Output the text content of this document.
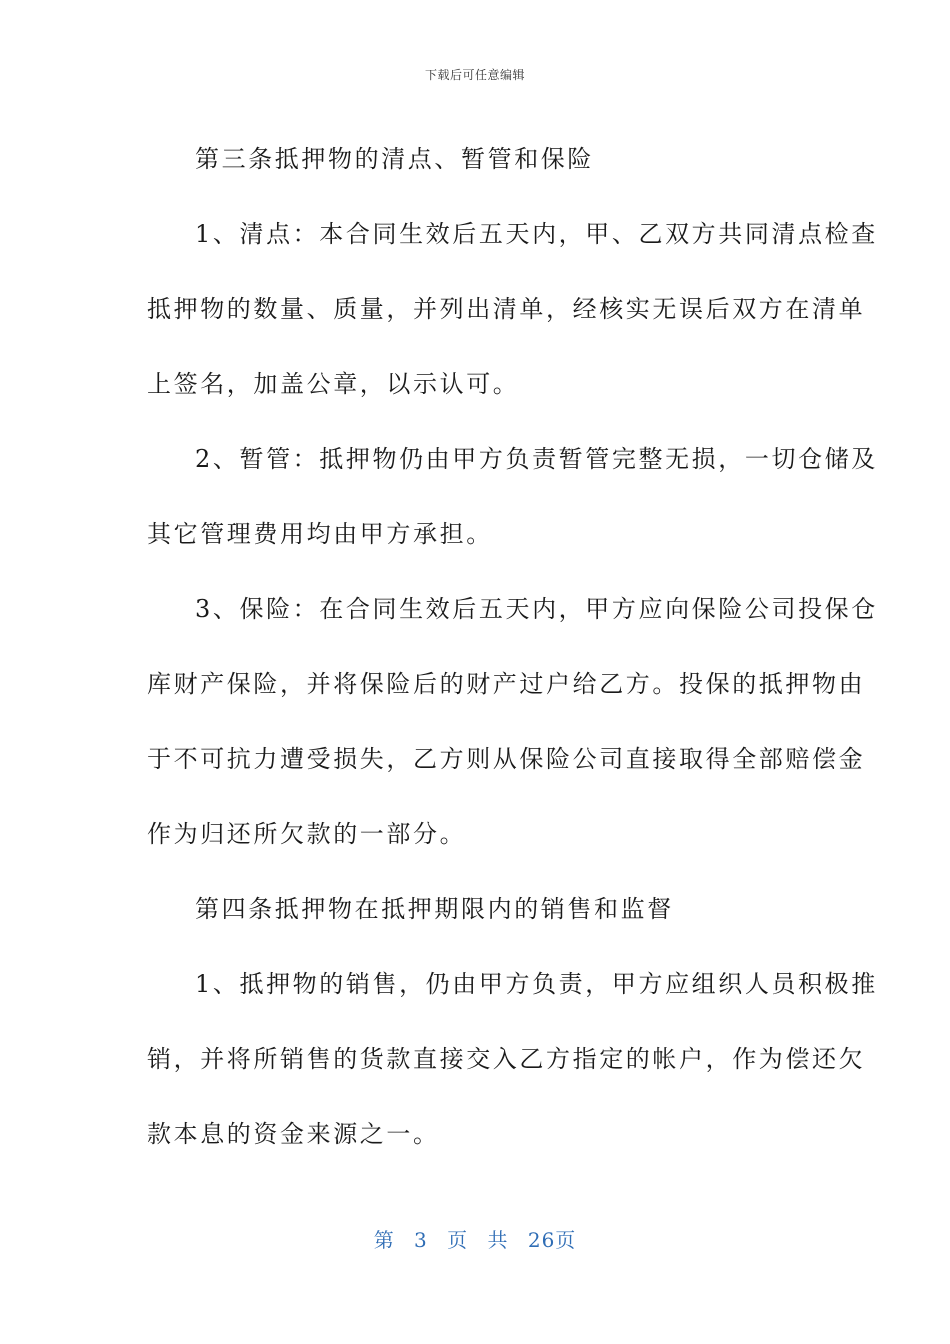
下载后可任意编辑

第三条抵押物的清点、暂管和保险

1、清点：本合同生效后五天内，甲、乙双方共同清点检查

抵押物的数量、质量，并列出清单，经核实无误后双方在清单

上签名，加盖公章，以示认可。

2、暂管：抵押物仍由甲方负责暂管完整无损，一切仓储及

其它管理费用均由甲方承担。

3、保险：在合同生效后五天内，甲方应向保险公司投保仓

库财产保险，并将保险后的财产过户给乙方。投保的抵押物由

于不可抗力遭受损失，乙方则从保险公司直接取得全部赔偿金

作为归还所欠款的一部分。

第四条抵押物在抵押期限内的销售和监督

1、抵押物的销售，仍由甲方负责，甲方应组织人员积极推

销，并将所销售的货款直接交入乙方指定的帐户，作为偿还欠

款本息的资金来源之一。

第 3 页 共 26页
